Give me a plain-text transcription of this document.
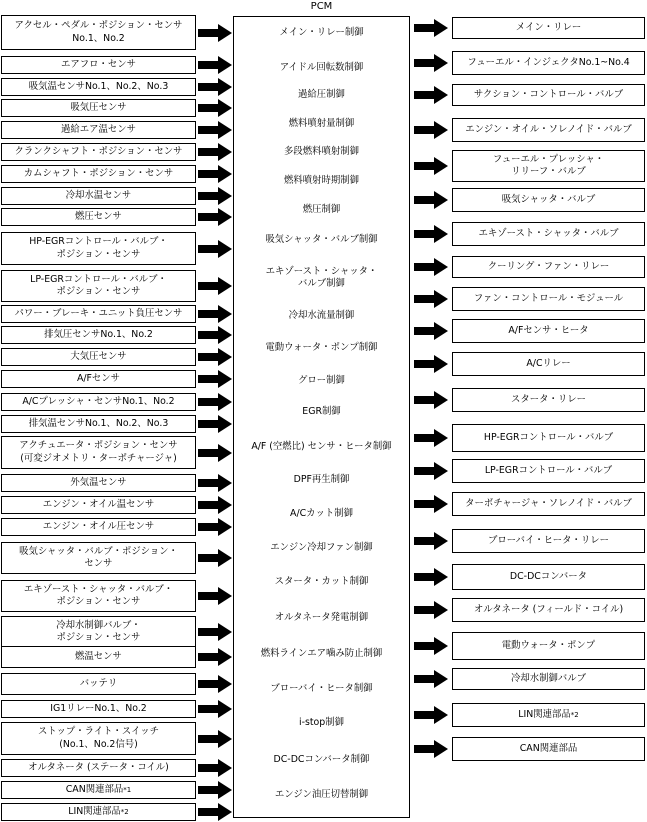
PCM
アクセル・ペダル・ポジション・センサ
No.1、No.2
エアフロ・センサ
吸気温センサNo.1、No.2、No.3
吸気圧センサ
過給エア温センサ
クランクシャフト・ポジション・センサ
カムシャフト・ポジション・センサ
冷却水温センサ
燃圧センサ
HP-EGRコントロール・バルブ・
ポジション・センサ
LP-EGRコントロール・バルブ・
ポジション・センサ
パワー・ブレーキ・ユニット負圧センサ
排気圧センサNo.1、No.2
大気圧センサ
A/Fセンサ
A/Cプレッシャ・センサNo.1、No.2
排気温センサNo.1、No.2、No.3
アクチュエータ・ポジション・センサ
(可変ジオメトリ・ターボチャージャ)
外気温センサ
エンジン・オイル温センサ
エンジン・オイル圧センサ
吸気シャッタ・バルブ・ポジション・
センサ
エキゾースト・シャッタ・バルブ・
ポジション・センサ
冷却水制御バルブ・
ポジション・センサ
燃温センサ
バッテリ
IG1リレーNo.1、No.2
ストップ・ライト・スイッチ
(No.1、No.2信号)
オルタネータ (ステータ・コイル)
CAN関連部品 *1
LIN関連部品 *2
メイン・リレー制御
アイドル回転数制御
過給圧制御
燃料噴射量制御
多段燃料噴射制御
燃料噴射時期制御
燃圧制御
吸気シャッタ・バルブ制御
エキゾースト・シャッタ・
バルブ制御
冷却水流量制御
電動ウォータ・ポンプ制御
グロー制御
EGR制御
A/F (空燃比) センサ・ヒータ制御
DPF再生制御
A/Cカット制御
エンジン冷却ファン制御
スタータ・カット制御
オルタネータ発電制御
燃料ラインエア噛み防止制御
ブローバイ・ヒータ制御
i-stop制御
DC-DCコンバータ制御
エンジン油圧切替制御
メイン・リレー
フューエル・インジェクタNo.1~No.4
サクション・コントロール・バルブ
エンジン・オイル・ソレノイド・バルブ
フューエル・プレッシャ・
リリーフ・バルブ
吸気シャッタ・バルブ
エキゾースト・シャッタ・バルブ
クーリング・ファン・リレー
ファン・コントロール・モジュール
A/Fセンサ・ヒータ
A/Cリレー
スタータ・リレー
HP-EGRコントロール・バルブ
LP-EGRコントロール・バルブ
ターボチャージャ・ソレノイド・バルブ
ブローバイ・ヒータ・リレー
DC-DCコンバータ
オルタネータ (フィールド・コイル)
電動ウォータ・ポンプ
冷却水制御バルブ
LIN関連部品 *2
CAN関連部品
